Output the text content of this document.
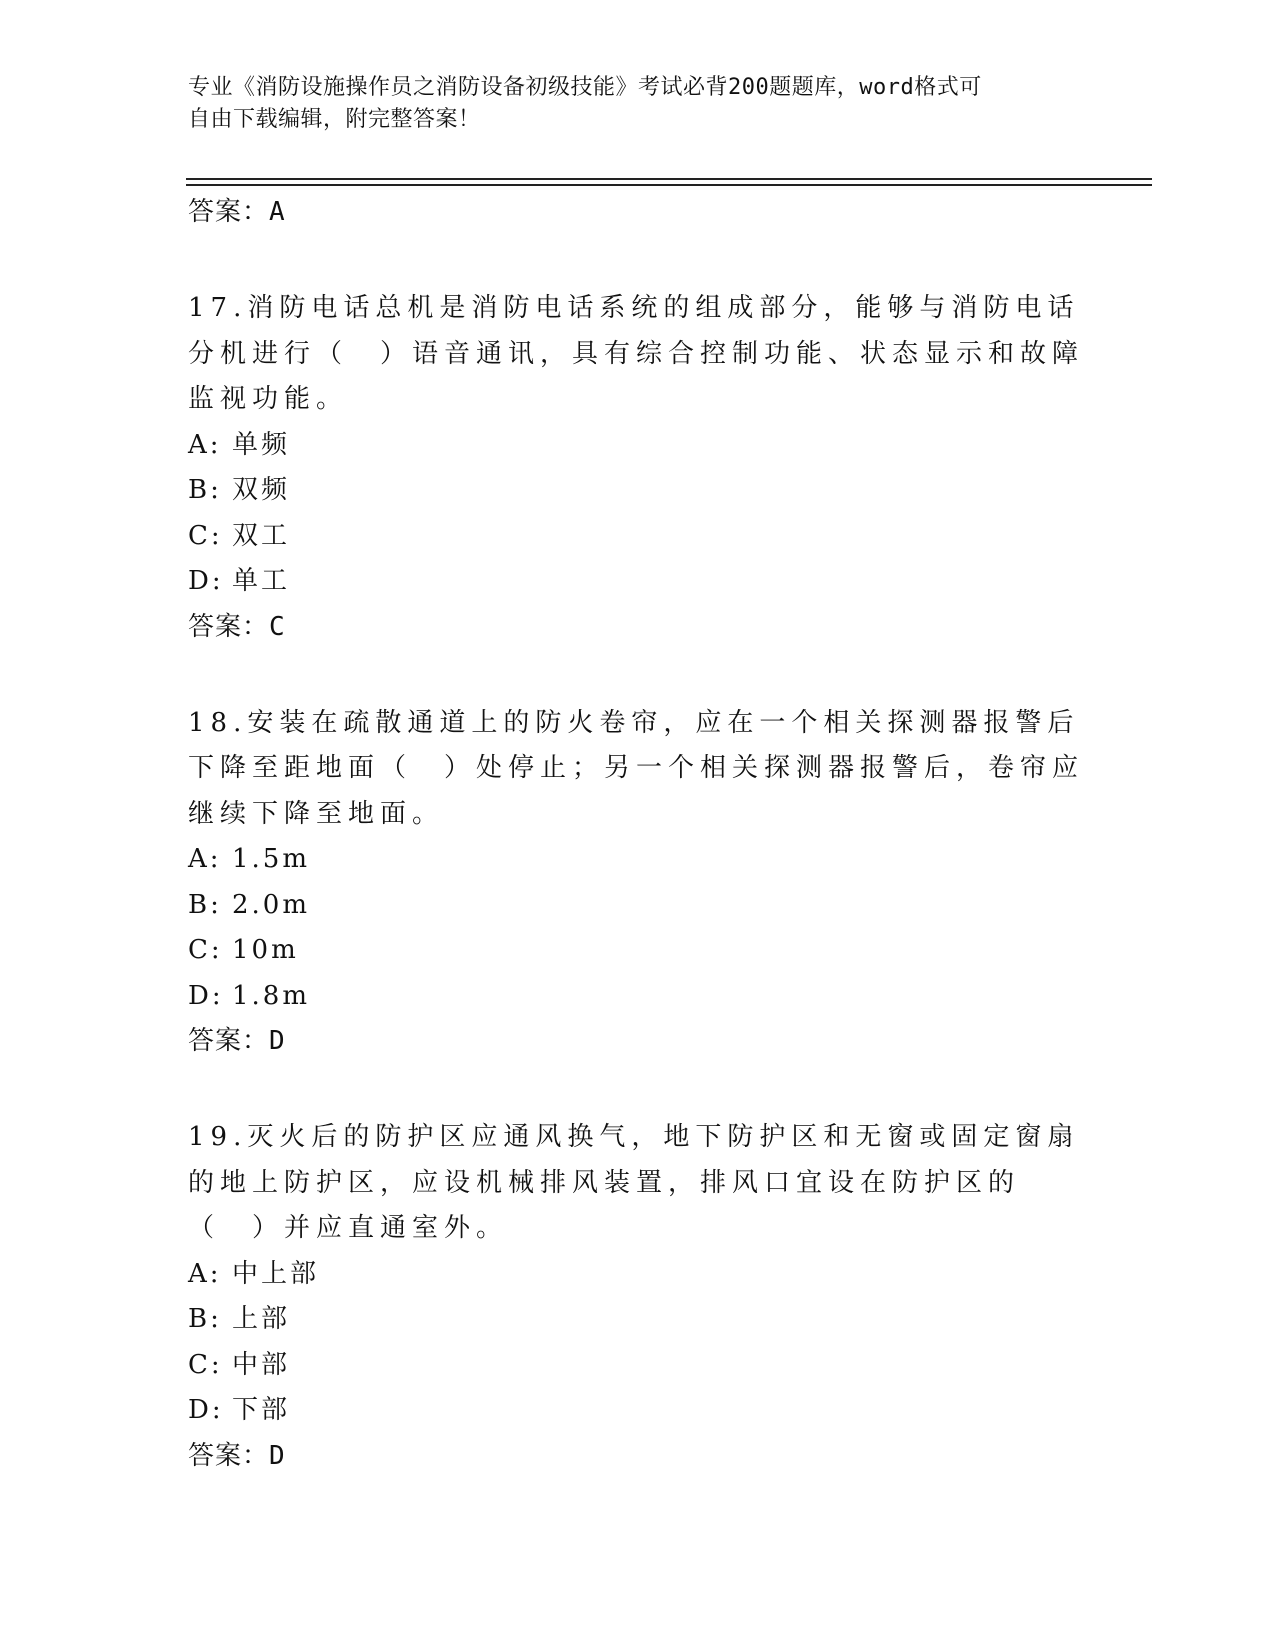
专业《消防设施操作员之消防设备初级技能》考试必背200题题库，word格式可
自由下载编辑，附完整答案！
答案：A
17.消防电话总机是消防电话系统的组成部分，能够与消防电话分机进行（　）语音通讯，具有综合控制功能、状态显示和故障监视功能。
A: 单频
B: 双频
C: 双工
D: 单工
答案：C
18.安装在疏散通道上的防火卷帘，应在一个相关探测器报警后下降至距地面（　）处停止；另一个相关探测器报警后，卷帘应继续下降至地面。
A: 1.5m
B: 2.0m
C: 10m
D: 1.8m
答案：D
19.灭火后的防护区应通风换气，地下防护区和无窗或固定窗扇的地上防护区，应设机械排风装置，排风口宜设在防护区的（　）并应直通室外。
A: 中上部
B: 上部
C: 中部
D: 下部
答案：D
